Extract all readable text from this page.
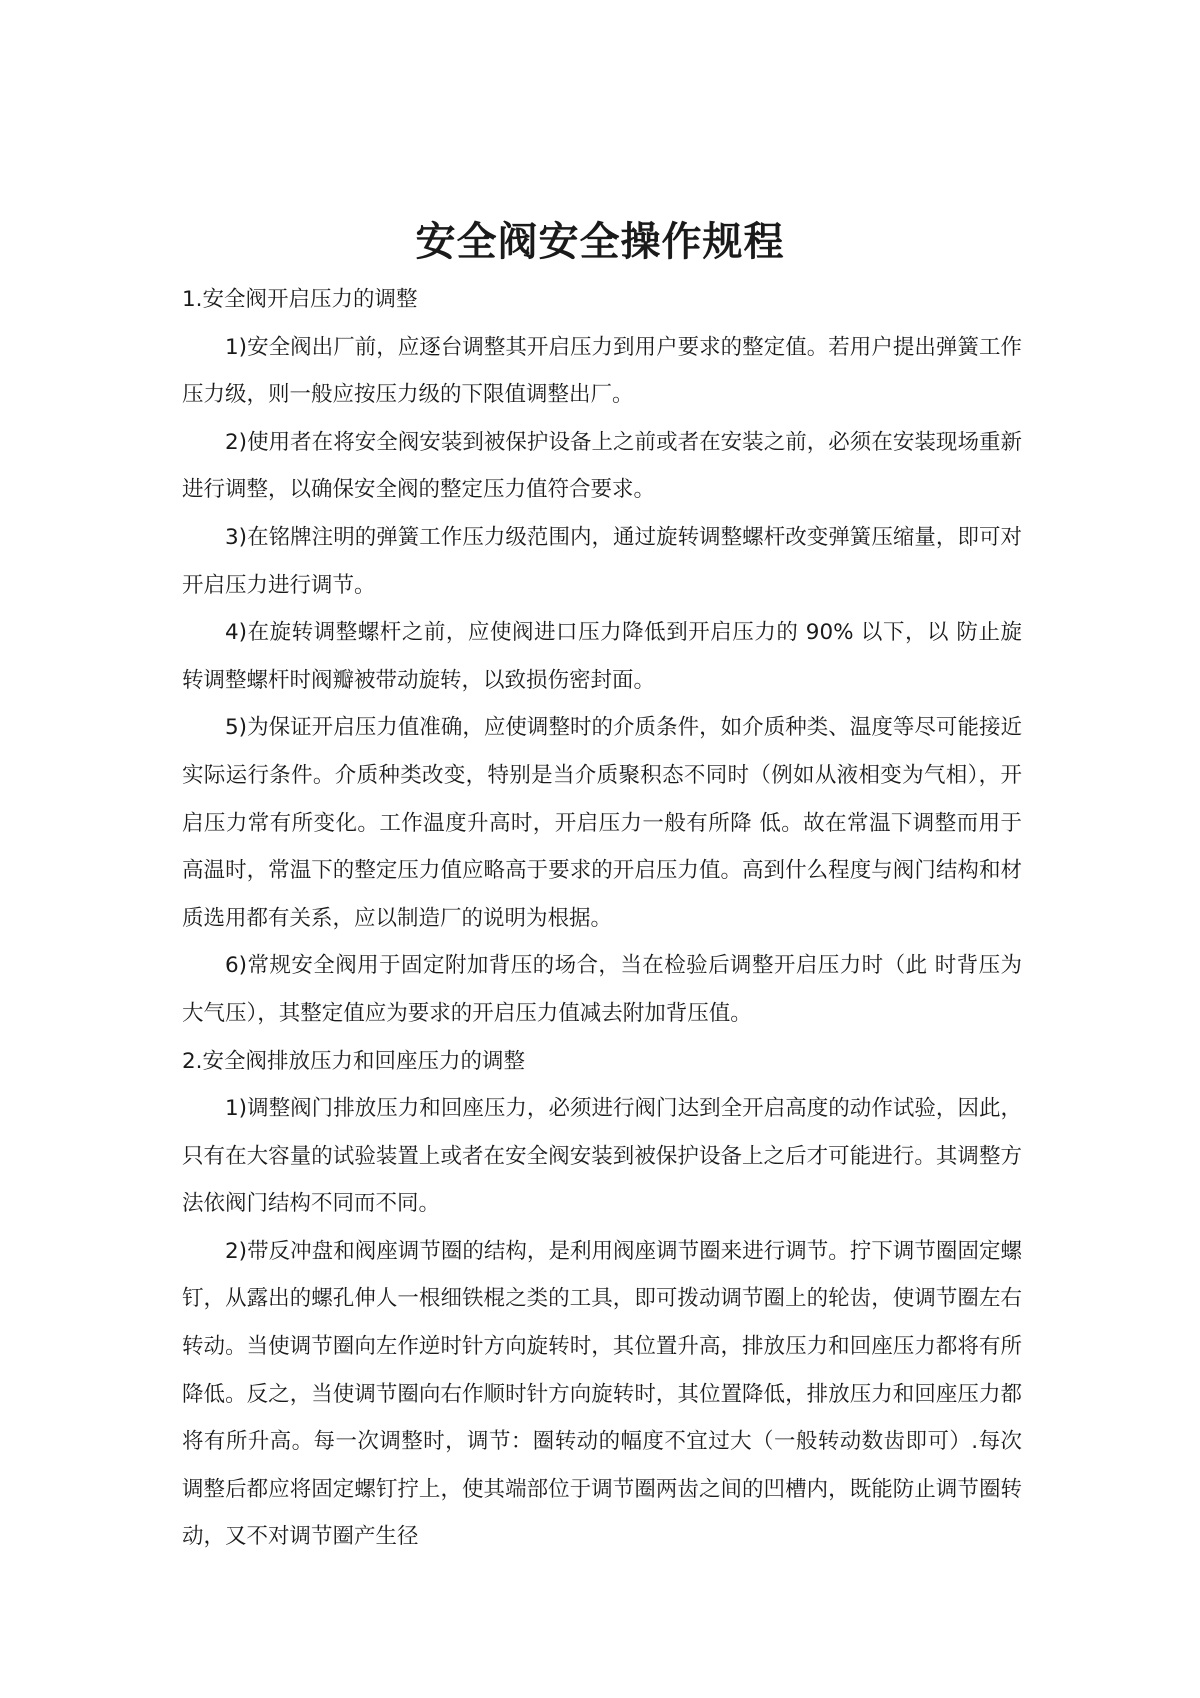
安全阀安全操作规程

1.安全阀开启压力的调整

1)安全阀出厂前，应逐台调整其开启压力到用户要求的整定值。若用户提出弹簧工作压力级，则一般应按压力级的下限值调整出厂。

2)使用者在将安全阀安装到被保护设备上之前或者在安装之前，必须在安装现场重新进行调整，以确保安全阀的整定压力值符合要求。

3)在铭牌注明的弹簧工作压力级范围内，通过旋转调整螺杆改变弹簧压缩量，即可对开启压力进行调节。

4)在旋转调整螺杆之前，应使阀进口压力降低到开启压力的 90% 以下，以 防止旋转调整螺杆时阀瓣被带动旋转，以致损伤密封面。

5)为保证开启压力值准确，应使调整时的介质条件，如介质种类、温度等尽可能接近实际运行条件。介质种类改变，特别是当介质聚积态不同时（例如从液相变为气相），开启压力常有所变化。工作温度升高时，开启压力一般有所降 低。故在常温下调整而用于高温时，常温下的整定压力值应略高于要求的开启压力值。高到什么程度与阀门结构和材质选用都有关系，应以制造厂的说明为根据。

6)常规安全阀用于固定附加背压的场合，当在检验后调整开启压力时（此 时背压为大气压），其整定值应为要求的开启压力值减去附加背压值。

2.安全阀排放压力和回座压力的调整

1)调整阀门排放压力和回座压力，必须进行阀门达到全开启高度的动作试验，因此，只有在大容量的试验装置上或者在安全阀安装到被保护设备上之后才可能进行。其调整方法依阀门结构不同而不同。

2)带反冲盘和阀座调节圈的结构，是利用阀座调节圈来进行调节。拧下调节圈固定螺钉，从露出的螺孔伸人一根细铁棍之类的工具，即可拨动调节圈上的轮齿，使调节圈左右转动。当使调节圈向左作逆时针方向旋转时，其位置升高，排放压力和回座压力都将有所降低。反之，当使调节圈向右作顺时针方向旋转时，其位置降低，排放压力和回座压力都将有所升高。每一次调整时，调节：圈转动的幅度不宜过大（一般转动数齿即可）.每次调整后都应将固定螺钉拧上，使其端部位于调节圈两齿之间的凹槽内，既能防止调节圈转动，又不对调节圈产生径
